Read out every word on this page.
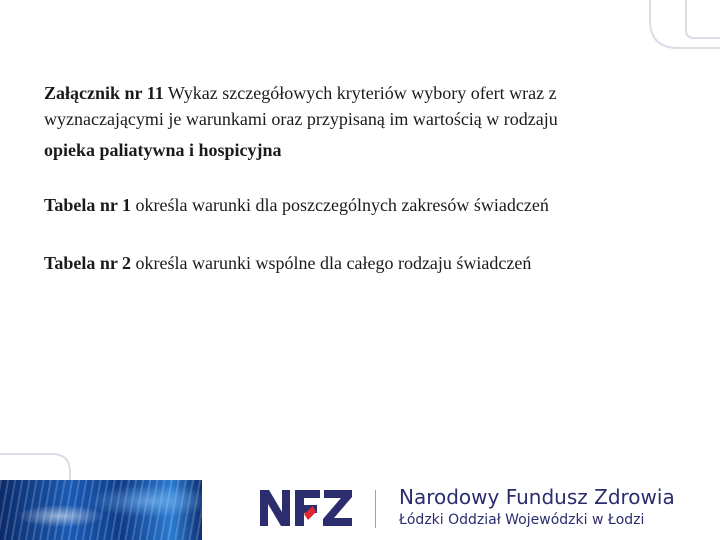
Załącznik nr 11 Wykaz szczegółowych kryteriów wybory ofert wraz z
wyznaczającymi je warunkami oraz przypisaną im wartością w rodzaju
opieka paliatywna i hospicyjna

Tabela nr 1 określa warunki dla poszczególnych zakresów świadczeń

Tabela nr 2 określa warunki wspólne dla całego rodzaju świadczeń

Narodowy Fundusz Zdrowia
Łódzki Oddział Wojewódzki w Łodzi
